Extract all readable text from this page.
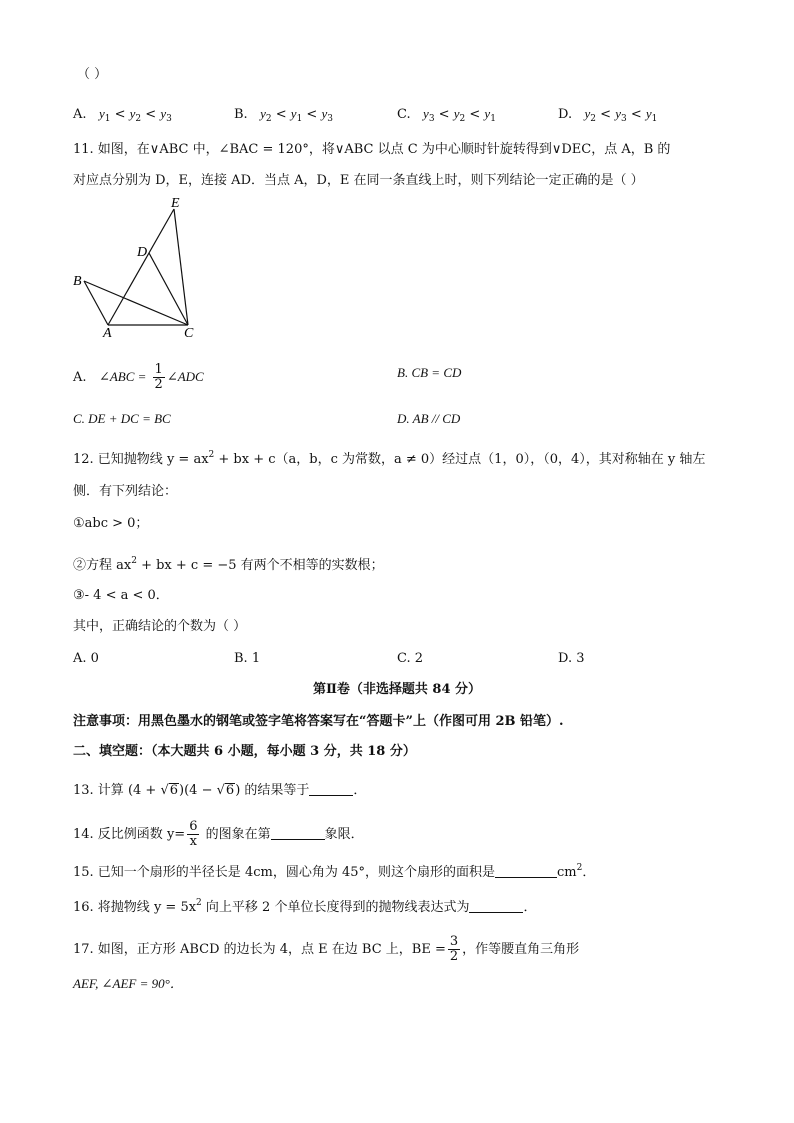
（ ）
A. $y_1 < y_2 < y_3$	B. $y_2 < y_1 < y_3$	C. $y_3 < y_2 < y_1$	D. $y_2 < y_3 < y_1$
11. 如图，在∨ABC 中，∠BAC = 120°，将∨ABC 以点 C 为中心顺时针旋转得到∨DEC，点 A，B 的
对应点分别为 D，E，连接 AD．当点 A，D，E 在同一条直线上时，则下列结论一定正确的是（ ）
E
D
B
A	C
A. ∠ABC = $\frac{1}{2}$ ∠ADC	B. CB = CD
C. DE + DC = BC	D. AB // CD
12. 已知抛物线 $y = ax^2$ + bx + c（a，b，c 为常数，a ≠ 0）经过点（1，0），（0，4），其对称轴在 y 轴左
侧．有下列结论：
①abc > 0；
②方程 $ax^2$ + bx + c = −5 有两个不相等的实数根；
③- 4 < a < 0．
其中，正确结论的个数为（ ）
A. 0	B. 1	C. 2	D. 3
第Ⅱ卷（非选择题共 84 分）
注意事项：用黑色墨水的钢笔或签字笔将答案写在“答题卡”上（作图可用 2B 铅笔）.
二、填空题：（本大题共 6 小题，每小题 3 分，共 18 分）
13. 计算 (4 + √6)(4 − √6) 的结果等于	．
14. 反比例函数 $y= \frac{6}{x}$ 的图象在第	象限．
15. 已知一个扇形的半径长是 4cm，圆心角为 45°，则这个扇形的面积是	$cm^2$．
16. 将抛物线 $y = 5x^2$ 向上平移 2 个单位长度得到的抛物线表达式为	．
17. 如图，正方形 ABCD 的边长为 4，点 E 在边 BC 上，BE = $\frac{3}{2}$ ，作等腰直角三角形
AEF, ∠AEF = 90°．
